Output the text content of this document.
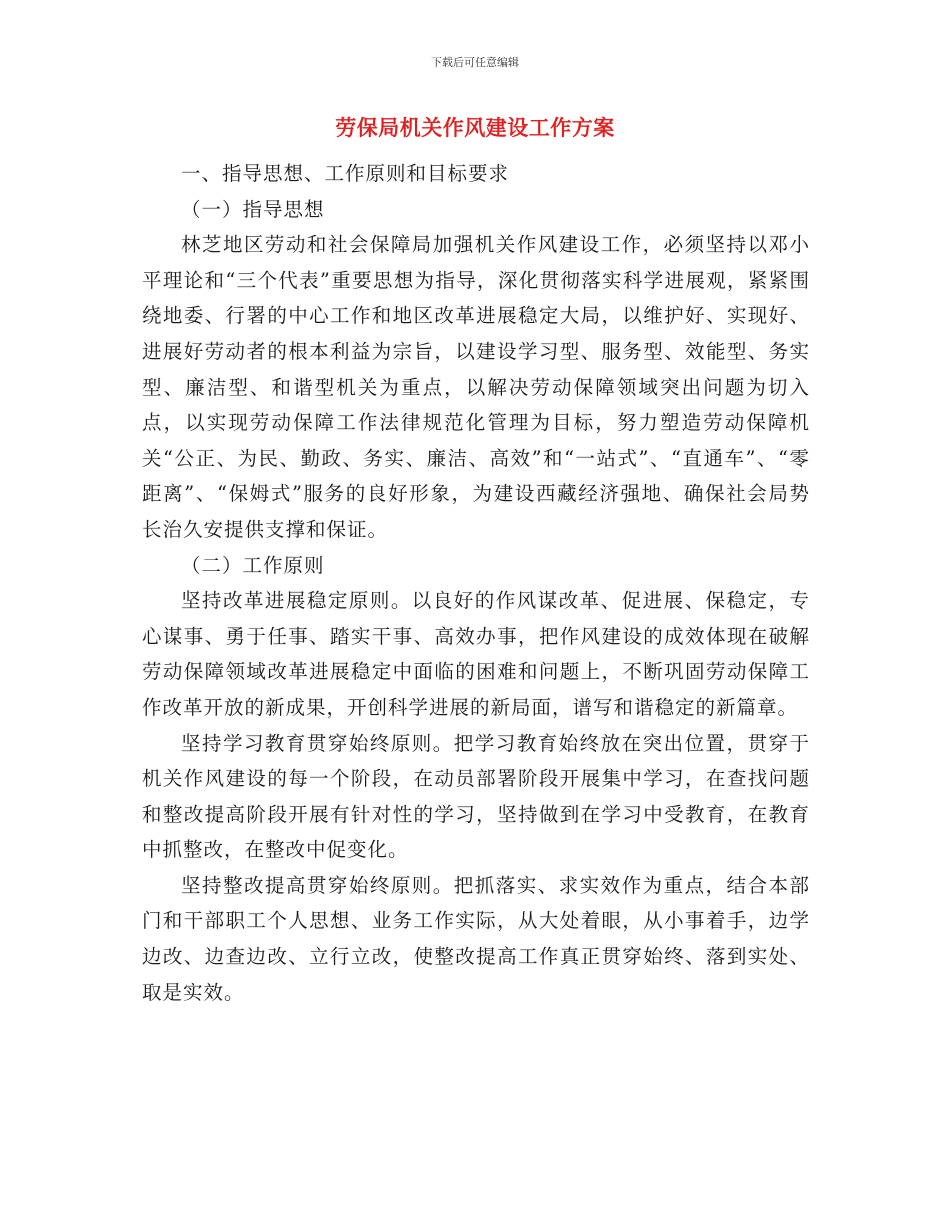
下载后可任意编辑
劳保局机关作风建设工作方案

一、指导思想、工作原则和目标要求

（一）指导思想

林芝地区劳动和社会保障局加强机关作风建设工作，必须坚持以邓小平理论和“三个代表”重要思想为指导，深化贯彻落实科学进展观，紧紧围绕地委、行署的中心工作和地区改革进展稳定大局，以维护好、实现好、进展好劳动者的根本利益为宗旨，以建设学习型、服务型、效能型、务实型、廉洁型、和谐型机关为重点，以解决劳动保障领域突出问题为切入点，以实现劳动保障工作法律规范化管理为目标，努力塑造劳动保障机关“公正、为民、勤政、务实、廉洁、高效”和“一站式”、“直通车”、“零距离”、“保姆式”服务的良好形象，为建设西藏经济强地、确保社会局势长治久安提供支撑和保证。

（二）工作原则

坚持改革进展稳定原则。以良好的作风谋改革、促进展、保稳定，专心谋事、勇于任事、踏实干事、高效办事，把作风建设的成效体现在破解劳动保障领域改革进展稳定中面临的困难和问题上，不断巩固劳动保障工作改革开放的新成果，开创科学进展的新局面，谱写和谐稳定的新篇章。

坚持学习教育贯穿始终原则。把学习教育始终放在突出位置，贯穿于机关作风建设的每一个阶段，在动员部署阶段开展集中学习，在查找问题和整改提高阶段开展有针对性的学习，坚持做到在学习中受教育，在教育中抓整改，在整改中促变化。

坚持整改提高贯穿始终原则。把抓落实、求实效作为重点，结合本部门和干部职工个人思想、业务工作实际，从大处着眼，从小事着手，边学边改、边查边改、立行立改，使整改提高工作真正贯穿始终、落到实处、取是实效。
